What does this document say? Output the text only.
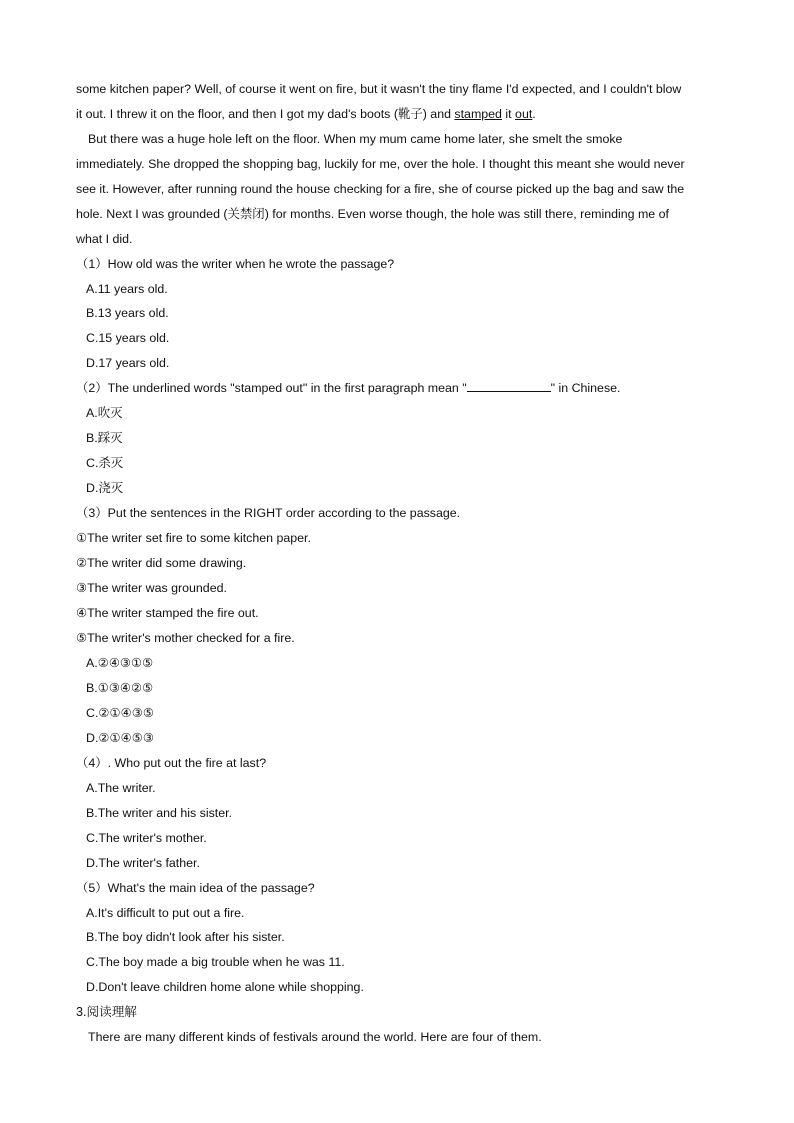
some kitchen paper? Well, of course it went on fire, but it wasn't the tiny flame I'd expected, and I couldn't blow
it out. I threw it on the floor, and then I got my dad's boots (靴子) and stamped it out.
But there was a huge hole left on the floor. When my mum came home later, she smelt the smoke
immediately. She dropped the shopping bag, luckily for me, over the hole. I thought this meant she would never
see it. However, after running round the house checking for a fire, she of course picked up the bag and saw the
hole. Next I was grounded (关禁闭) for months. Even worse though, the hole was still there, reminding me of
what I did.
（1）How old was the writer when he wrote the passage?
A.11 years old.
B.13 years old.
C.15 years old.
D.17 years old.
（2）The underlined words "stamped out" in the first paragraph mean "	" in Chinese.
A.吹灭
B.踩灭
C.杀灭
D.浇灭
（3）Put the sentences in the RIGHT order according to the passage.
①The writer set fire to some kitchen paper.
②The writer did some drawing.
③The writer was grounded.
④The writer stamped the fire out.
⑤The writer's mother checked for a fire.
A.②④③①⑤
B.①③④②⑤
C.②①④③⑤
D.②①④⑤③
（4）. Who put out the fire at last?
A.The writer.
B.The writer and his sister.
C.The writer's mother.
D.The writer's father.
（5）What's the main idea of the passage?
A.It's difficult to put out a fire.
B.The boy didn't look after his sister.
C.The boy made a big trouble when he was 11.
D.Don't leave children home alone while shopping.
3.阅读理解
There are many different kinds of festivals around the world. Here are four of them.
